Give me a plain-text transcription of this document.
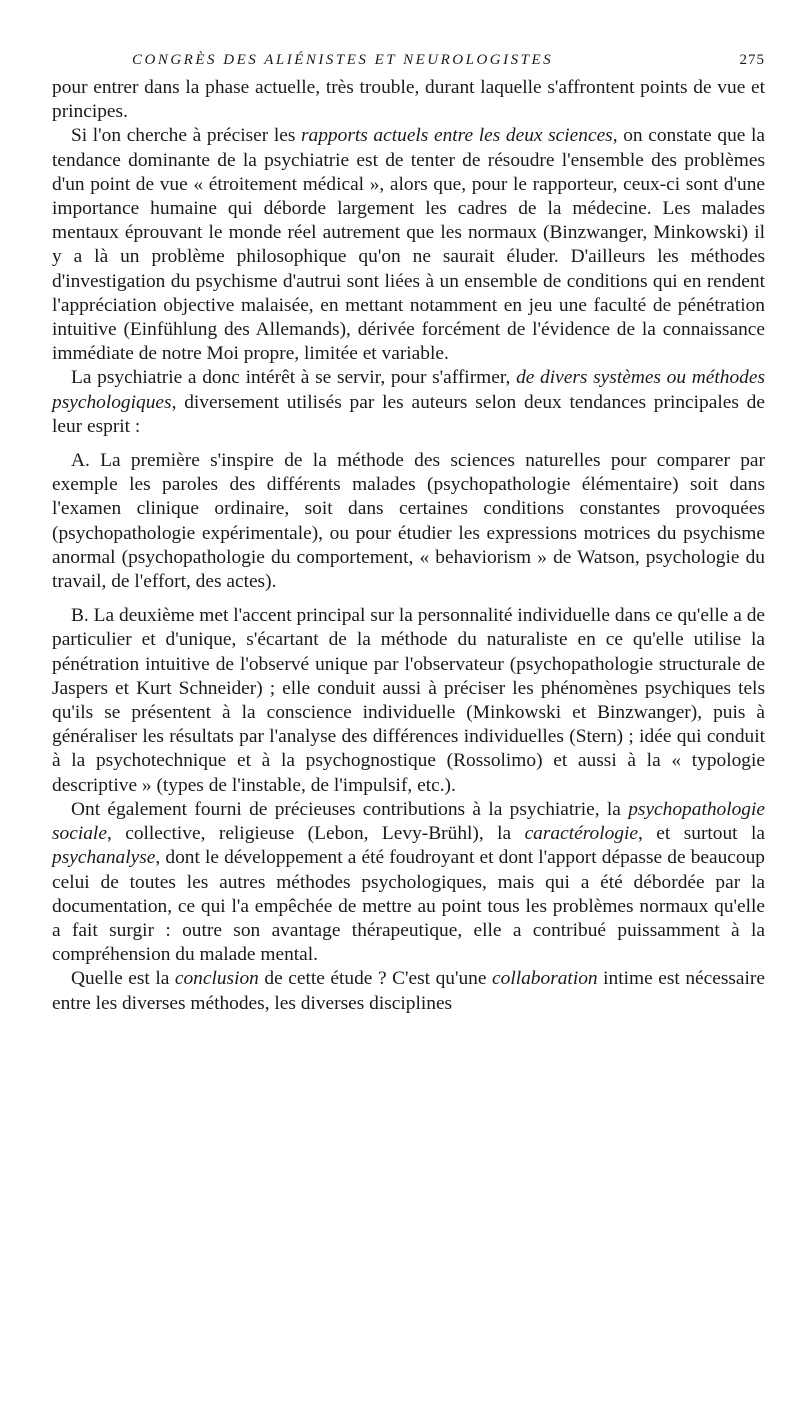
CONGRÈS DES ALIÉNISTES ET NEUROLOGISTES	275

pour entrer dans la phase actuelle, très trouble, durant laquelle s'affrontent points de vue et principes.

Si l'on cherche à préciser les rapports actuels entre les deux sciences, on constate que la tendance dominante de la psychiatrie est de tenter de résoudre l'ensemble des problèmes d'un point de vue « étroitement médical », alors que, pour le rapporteur, ceux-ci sont d'une importance humaine qui déborde largement les cadres de la médecine. Les malades mentaux éprouvant le monde réel autrement que les normaux (Binzwanger, Minkowski) il y a là un problème philosophique qu'on ne saurait éluder. D'ailleurs les méthodes d'investigation du psychisme d'autrui sont liées à un ensemble de conditions qui en rendent l'appréciation objective malaisée, en mettant notamment en jeu une faculté de pénétration intuitive (Einfühlung des Allemands), dérivée forcément de l'évidence de la connaissance immédiate de notre Moi propre, limitée et variable.

La psychiatrie a donc intérêt à se servir, pour s'affirmer, de divers systèmes ou méthodes psychologiques, diversement utilisés par les auteurs selon deux tendances principales de leur esprit :

A. La première s'inspire de la méthode des sciences naturelles pour comparer par exemple les paroles des différents malades (psychopathologie élémentaire) soit dans l'examen clinique ordinaire, soit dans certaines conditions constantes provoquées (psychopathologie expérimentale), ou pour étudier les expressions motrices du psychisme anormal (psychopathologie du comportement, « behaviorism » de Watson, psychologie du travail, de l'effort, des actes).

B. La deuxième met l'accent principal sur la personnalité individuelle dans ce qu'elle a de particulier et d'unique, s'écartant de la méthode du naturaliste en ce qu'elle utilise la pénétration intuitive de l'observé unique par l'observateur (psychopathologie structurale de Jaspers et Kurt Schneider) ; elle conduit aussi à préciser les phénomènes psychiques tels qu'ils se présentent à la conscience individuelle (Minkowski et Binzwanger), puis à généraliser les résultats par l'analyse des différences individuelles (Stern) ; idée qui conduit à la psychotechnique et à la psychognostique (Rossolimo) et aussi à la « typologie descriptive » (types de l'instable, de l'impulsif, etc.).

Ont également fourni de précieuses contributions à la psychiatrie, la psychopathologie sociale, collective, religieuse (Lebon, Levy-Brühl), la caractérologie, et surtout la psychanalyse, dont le développement a été foudroyant et dont l'apport dépasse de beaucoup celui de toutes les autres méthodes psychologiques, mais qui a été débordée par la documentation, ce qui l'a empêchée de mettre au point tous les problèmes normaux qu'elle a fait surgir : outre son avantage thérapeutique, elle a contribué puissamment à la compréhension du malade mental.

Quelle est la conclusion de cette étude ? C'est qu'une collaboration intime est nécessaire entre les diverses méthodes, les diverses disciplines
